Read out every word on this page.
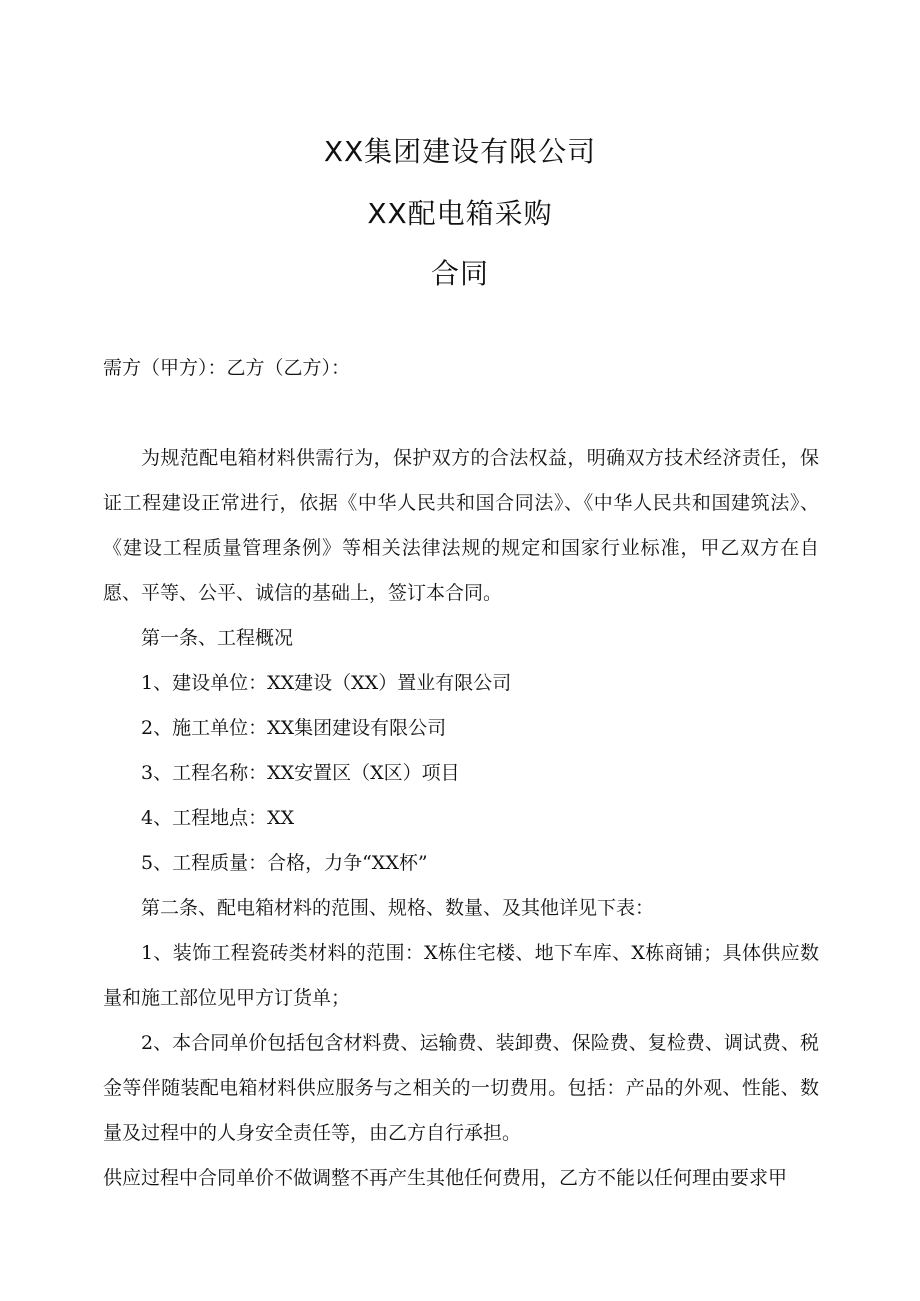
XX集团建设有限公司
XX配电箱采购
合同

需方（甲方）：乙方（乙方）：

为规范配电箱材料供需行为，保护双方的合法权益，明确双方技术经济责任，保证工程建设正常进行，依据《中华人民共和国合同法》、《中华人民共和国建筑法》、《建设工程质量管理条例》等相关法律法规的规定和国家行业标准，甲乙双方在自愿、平等、公平、诚信的基础上，签订本合同。

第一条、工程概况

1、建设单位：XX建设（XX）置业有限公司

2、施工单位：XX集团建设有限公司

3、工程名称：XX安置区（X区）项目

4、工程地点：XX

5、工程质量：合格，力争“XX杯”

第二条、配电箱材料的范围、规格、数量、及其他详见下表：

1、装饰工程瓷砖类材料的范围：X栋住宅楼、地下车库、X栋商铺；具体供应数量和施工部位见甲方订货单；

2、本合同单价包括包含材料费、运输费、装卸费、保险费、复检费、调试费、税金等伴随装配电箱材料供应服务与之相关的一切费用。包括：产品的外观、性能、数量及过程中的人身安全责任等，由乙方自行承担。

供应过程中合同单价不做调整不再产生其他任何费用，乙方不能以任何理由要求甲
